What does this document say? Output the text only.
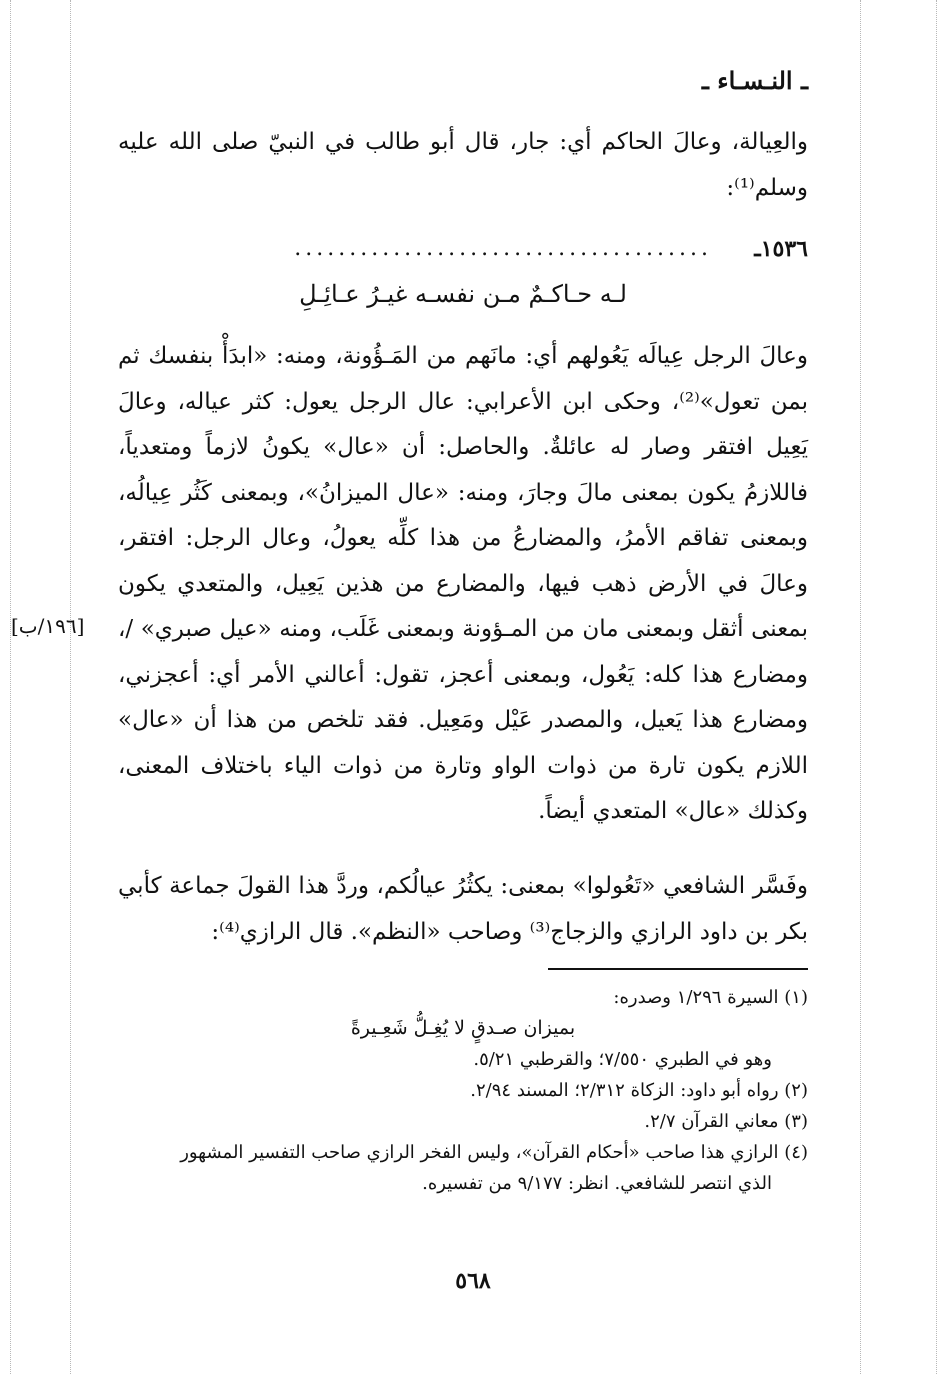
ـ النـسـاء ـ
والعِيالة، وعالَ الحاكم أي: جار، قال أبو طالب في النبيّ صلى الله عليه وسلم⁽¹⁾:
١٥٣٦ـ
......................................
لـه حـاكـمٌ مـن نفسـه غيـرُ عـائِـلِ
وعالَ الرجل عِيالَه يَعُولهم أي: مانَهم من المَـؤُونة، ومنه: «ابدَأْ بنفسك ثم بمن تعول»⁽²⁾، وحكى ابن الأعرابي: عال الرجل يعول: كثر عياله، وعالَ يَعِيل افتقر وصار له عائلةٌ. والحاصل: أن «عال» يكونُ لازماً ومتعدياً، فاللازمُ يكون بمعنى مالَ وجارَ، ومنه: «عال الميزانُ»، وبمعنى كَثُر عِيالُه، وبمعنى تفاقم الأمرُ، والمضارعُ من هذا كلِّه يعولُ، وعال الرجل: افتقر، وعالَ في الأرض ذهب فيها، والمضارع من هذين يَعِيل، والمتعدي يكون بمعنى أثقل وبمعنى مان من المـؤونة وبمعنى غَلَب، ومنه «عيل صبري» /، ومضارع هذا كله: يَعُول، وبمعنى أعجز، تقول: أعالني الأمر أي: أعجزني، ومضارع هذا يَعيل، والمصدر عَيْل ومَعِيل. فقد تلخص من هذا أن «عال» اللازم يكون تارة من ذوات الواو وتارة من ذوات الياء باختلاف المعنى، وكذلك «عال» المتعدي أيضاً.
[١٩٦/ب]
وفَسَّر الشافعي «تَعُولوا» بمعنى: يكثُرُ عيالُكم، وردَّ هذا القولَ جماعة كأبي بكر بن داود الرازي والزجاج⁽³⁾ وصاحب «النظم». قال الرازي⁽⁴⁾:
(١) السيرة ١/٢٩٦ وصدره:
بميزان صـدقٍ لا يُغِـلُّ شَعِـيرةً
وهو في الطبري ٧/٥٥٠؛ والقرطبي ٥/٢١.
(٢) رواه أبو داود: الزكاة ٢/٣١٢؛ المسند ٢/٩٤.
(٣) معاني القرآن ٢/٧.
(٤) الرازي هذا صاحب «أحكام القرآن»، وليس الفخر الرازي صاحب التفسير المشهور
الذي انتصر للشافعي. انظر: ٩/١٧٧ من تفسيره.
٥٦٨
